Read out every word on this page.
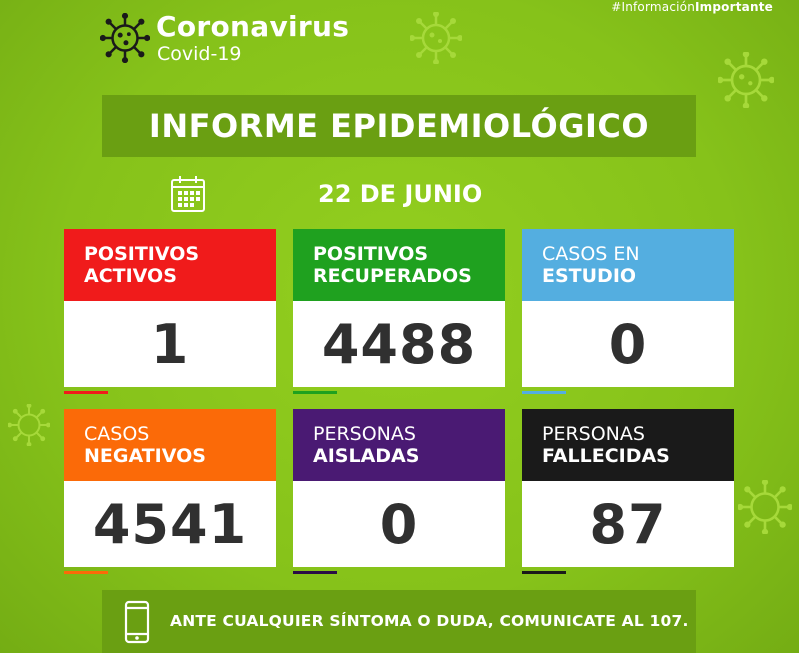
#InformaciónImportante
Coronavirus
Covid-19
INFORME EPIDEMIOLÓGICO
22 DE JUNIO
POSITIVOS
ACTIVOS
1
POSITIVOS
RECUPERADOS
4488
CASOS EN
ESTUDIO
0
CASOS
NEGATIVOS
4541
PERSONAS
AISLADAS
0
PERSONAS
FALLECIDAS
87
ANTE CUALQUIER SÍNTOMA O DUDA, COMUNICATE AL 107.
